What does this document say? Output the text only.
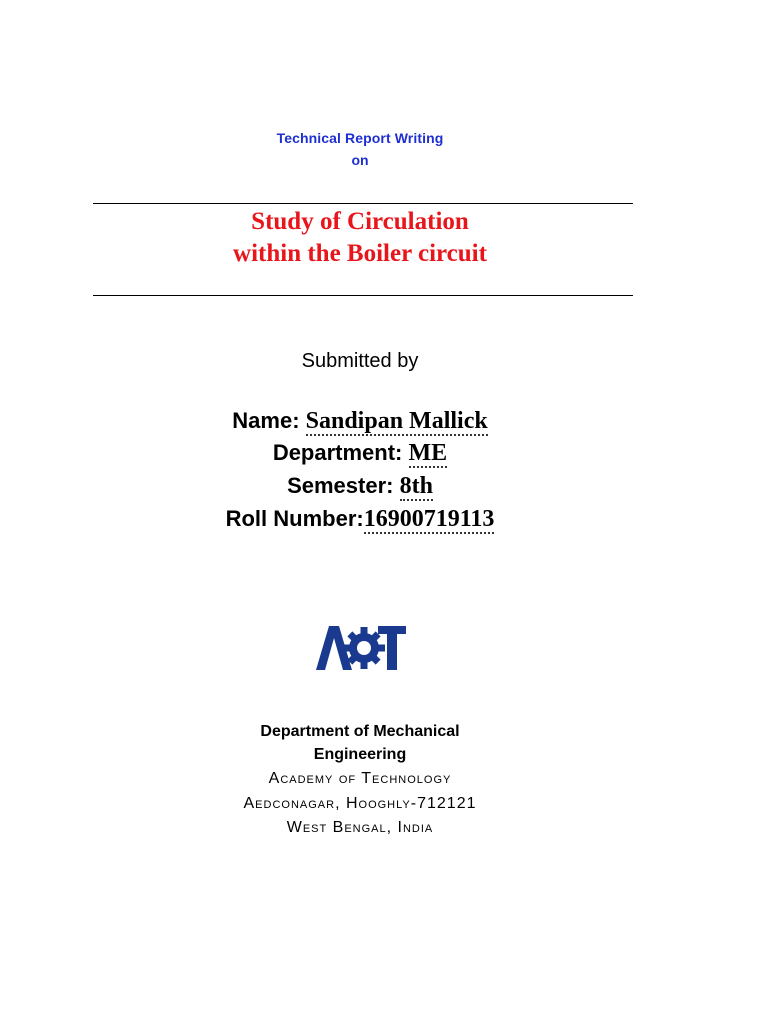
Technical Report Writing
on
Study of Circulation
within the Boiler circuit
Submitted by
Name: Sandipan Mallick
Department: ME
Semester: 8th
Roll Number:16900719113
Department of Mechanical
Engineering
Academy of Technology
Aedconagar, Hooghly-712121
West Bengal, India
